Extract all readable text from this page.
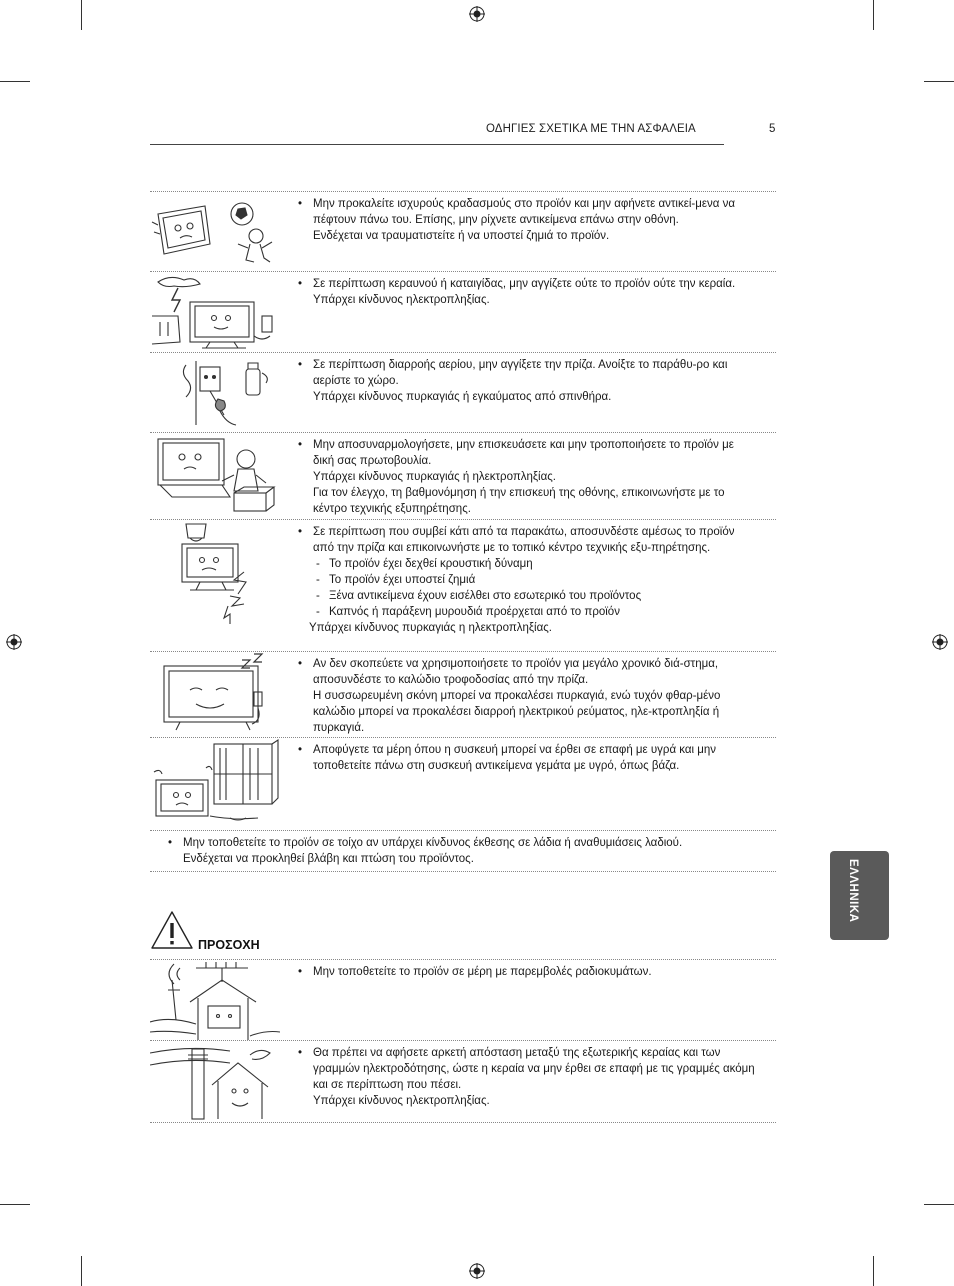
ΟΔΗΓΙΕΣ ΣΧΕΤΙΚΑ ΜΕ ΤΗΝ ΑΣΦΑΛΕΙΑ	5

• Μην προκαλείτε ισχυρούς κραδασμούς στο προϊόν και μην αφήνετε αντικεί-μενα να πέφτουν πάνω του. Επίσης, μην ρίχνετε αντικείμενα επάνω στην οθόνη.

Ενδέχεται να τραυματιστείτε ή να υποστεί ζημιά το προϊόν.

• Σε περίπτωση κεραυνού ή καταιγίδας, μην αγγίζετε ούτε το προϊόν ούτε την κεραία.

Υπάρχει κίνδυνος ηλεκτροπληξίας.

• Σε περίπτωση διαρροής αερίου, μην αγγίξετε την πρίζα. Ανοίξτε το παράθυ-ρο και αερίστε το χώρο.

Υπάρχει κίνδυνος πυρκαγιάς ή εγκαύματος από σπινθήρα.

• Μην αποσυναρμολογήσετε, μην επισκευάσετε και μην τροποποιήσετε το προϊόν με δική σας πρωτοβουλία.

Υπάρχει κίνδυνος πυρκαγιάς ή ηλεκτροπληξίας.

Για τον έλεγχο, τη βαθμονόμηση ή την επισκευή της οθόνης, επικοινωνήστε με το κέντρο τεχνικής εξυπηρέτησης.

• Σε περίπτωση που συμβεί κάτι από τα παρακάτω, αποσυνδέστε αμέσως το προϊόν από την πρίζα και επικοινωνήστε με το τοπικό κέντρο τεχνικής εξυ-πηρέτησης.

- Το προϊόν έχει δεχθεί κρουστική δύναμη

- Το προϊόν έχει υποστεί ζημιά

- Ξένα αντικείμενα έχουν εισέλθει στο εσωτερικό του προϊόντος

- Καπνός ή παράξενη μυρουδιά προέρχεται από το προϊόν

Υπάρχει κίνδυνος πυρκαγιάς η ηλεκτροπληξίας.

• Αν δεν σκοπεύετε να χρησιμοποιήσετε το προϊόν για μεγάλο χρονικό διά-στημα, αποσυνδέστε το καλώδιο τροφοδοσίας από την πρίζα.

Η συσσωρευμένη σκόνη μπορεί να προκαλέσει πυρκαγιά, ενώ τυχόν φθαρ-μένο καλώδιο μπορεί να προκαλέσει διαρροή ηλεκτρικού ρεύματος, ηλε-κτροπληξία ή πυρκαγιά.

• Αποφύγετε τα μέρη όπου η συσκευή μπορεί να έρθει σε επαφή με υγρά και μην τοποθετείτε πάνω στη συσκευή αντικείμενα γεμάτα με υγρό, όπως βάζα.

• Μην τοποθετείτε το προϊόν σε τοίχο αν υπάρχει κίνδυνος έκθεσης σε λάδια ή αναθυμιάσεις λαδιού.

Ενδέχεται να προκληθεί βλάβη και πτώση του προϊόντος.

ΠΡΟΣΟΧΗ

• Μην τοποθετείτε το προϊόν σε μέρη με παρεμβολές ραδιοκυμάτων.

• Θα πρέπει να αφήσετε αρκετή απόσταση μεταξύ της εξωτερικής κεραίας και των γραμμών ηλεκτροδότησης, ώστε η κεραία να μην έρθει σε επαφή με τις γραμμές ακόμη και σε περίπτωση που πέσει.

Υπάρχει κίνδυνος ηλεκτροπληξίας.

ΕΛΛΗΝΙΚΑ
